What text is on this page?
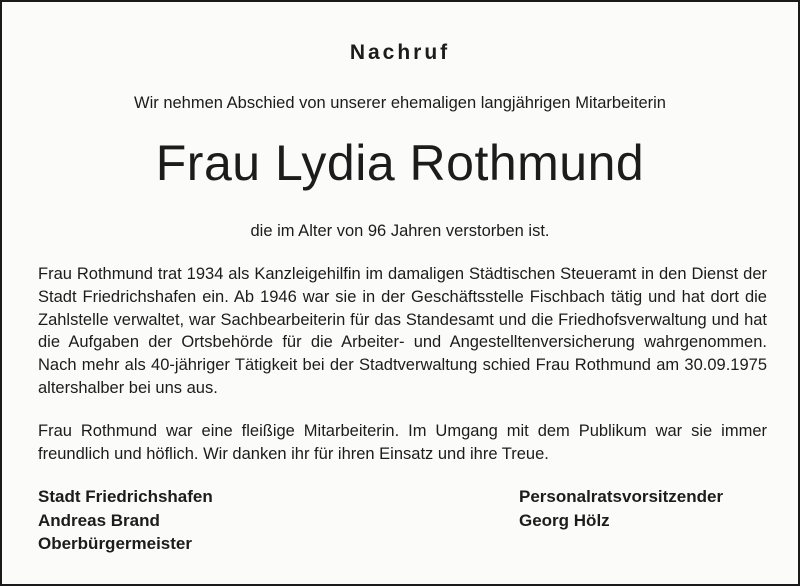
Nachruf
Wir nehmen Abschied von unserer ehemaligen langjährigen Mitarbeiterin
Frau Lydia Rothmund
die im Alter von 96 Jahren verstorben ist.
Frau Rothmund trat 1934 als Kanzleigehilfin im damaligen Städtischen Steueramt in den Dienst der Stadt Friedrichshafen ein. Ab 1946 war sie in der Geschäftsstelle Fischbach tätig und hat dort die Zahlstelle verwaltet, war Sachbearbeiterin für das Standesamt und die Friedhofsverwaltung und hat die Aufgaben der Ortsbehörde für die Arbeiter- und Angestelltenversicherung wahrgenommen. Nach mehr als 40-jähriger Tätigkeit bei der Stadtverwaltung schied Frau Rothmund am 30.09.1975 altershalber bei uns aus.
Frau Rothmund war eine fleißige Mitarbeiterin. Im Umgang mit dem Publikum war sie immer freundlich und höflich. Wir danken ihr für ihren Einsatz und ihre Treue.
Stadt Friedrichshafen
Andreas Brand
Oberbürgermeister
Personalratsvorsitzender
Georg Hölz
